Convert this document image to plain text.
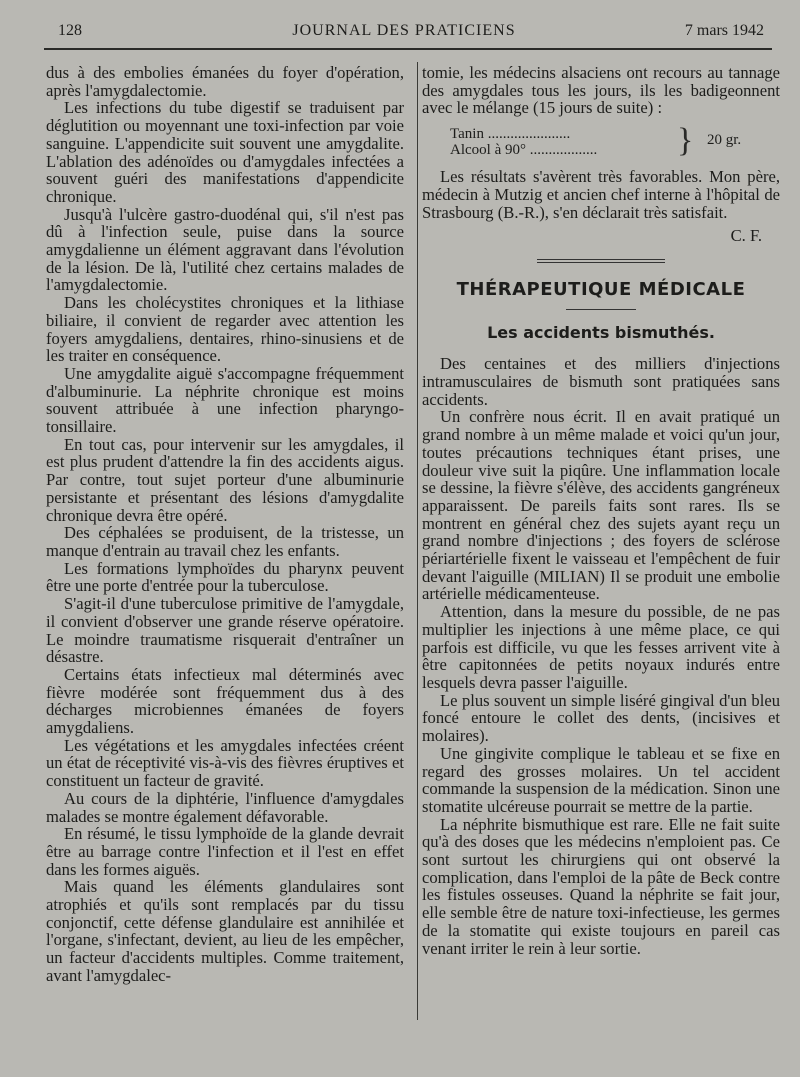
128	JOURNAL DES PRATICIENS	7 mars 1942

dus à des embolies émanées du foyer d'opération, après l'amygdalectomie.

Les infections du tube digestif se traduisent par déglutition ou moyennant une toxi-infection par voie sanguine. L'appendicite suit souvent une amygdalite. L'ablation des adénoïdes ou d'amygdales infectées a souvent guéri des manifestations d'appendicite chronique.

Jusqu'à l'ulcère gastro-duodénal qui, s'il n'est pas dû à l'infection seule, puise dans la source amygdalienne un élément aggravant dans l'évolution de la lésion. De là, l'utilité chez certains malades de l'amygdalectomie.

Dans les cholécystites chroniques et la lithiase biliaire, il convient de regarder avec attention les foyers amygdaliens, dentaires, rhino-sinusiens et de les traiter en conséquence.

Une amygdalite aiguë s'accompagne fréquemment d'albuminurie. La néphrite chronique est moins souvent attribuée à une infection pharyngo-tonsillaire.

En tout cas, pour intervenir sur les amygdales, il est plus prudent d'attendre la fin des accidents aigus. Par contre, tout sujet porteur d'une albuminurie persistante et présentant des lésions d'amygdalite chronique devra être opéré.

Des céphalées se produisent, de la tristesse, un manque d'entrain au travail chez les enfants.

Les formations lymphoïdes du pharynx peuvent être une porte d'entrée pour la tuberculose.

S'agit-il d'une tuberculose primitive de l'amygdale, il convient d'observer une grande réserve opératoire. Le moindre traumatisme risquerait d'entraîner un désastre.

Certains états infectieux mal déterminés avec fièvre modérée sont fréquemment dus à des décharges microbiennes émanées de foyers amygdaliens.

Les végétations et les amygdales infectées créent un état de réceptivité vis-à-vis des fièvres éruptives et constituent un facteur de gravité.

Au cours de la diphtérie, l'influence d'amygdales malades se montre également défavorable.

En résumé, le tissu lymphoïde de la glande devrait être au barrage contre l'infection et il l'est en effet dans les formes aiguës.

Mais quand les éléments glandulaires sont atrophiés et qu'ils sont remplacés par du tissu conjonctif, cette défense glandulaire est annihilée et l'organe, s'infectant, devient, au lieu de les empêcher, un facteur d'accidents multiples. Comme traitement, avant l'amygdalec-

tomie, les médecins alsaciens ont recours au tannage des amygdales tous les jours, ils les badigeonnent avec le mélange (15 jours de suite) :

Tanin ......................
Alcool à 90° .................. } 20 gr.

Les résultats s'avèrent très favorables. Mon père, médecin à Mutzig et ancien chef interne à l'hôpital de Strasbourg (B.-R.), s'en déclarait très satisfait.

C. F.
THÉRAPEUTIQUE MÉDICALE
Les accidents bismuthés.

Des centaines et des milliers d'injections intramusculaires de bismuth sont pratiquées sans accidents.

Un confrère nous écrit. Il en avait pratiqué un grand nombre à un même malade et voici qu'un jour, toutes précautions techniques étant prises, une douleur vive suit la piqûre. Une inflammation locale se dessine, la fièvre s'élève, des accidents gangréneux apparaissent. De pareils faits sont rares. Ils se montrent en général chez des sujets ayant reçu un grand nombre d'injections ; des foyers de sclérose périartérielle fixent le vaisseau et l'empêchent de fuir devant l'aiguille (MILIAN) Il se produit une embolie artérielle médicamenteuse.

Attention, dans la mesure du possible, de ne pas multiplier les injections à une même place, ce qui parfois est difficile, vu que les fesses arrivent vite à être capitonnées de petits noyaux indurés entre lesquels devra passer l'aiguille.

Le plus souvent un simple liséré gingival d'un bleu foncé entoure le collet des dents, (incisives et molaires).

Une gingivite complique le tableau et se fixe en regard des grosses molaires. Un tel accident commande la suspension de la médication. Sinon une stomatite ulcéreuse pourrait se mettre de la partie.

La néphrite bismuthique est rare. Elle ne fait suite qu'à des doses que les médecins n'emploient pas. Ce sont surtout les chirurgiens qui ont observé la complication, dans l'emploi de la pâte de Beck contre les fistules osseuses. Quand la néphrite se fait jour, elle semble être de nature toxi-infectieuse, les germes de la stomatite qui existe toujours en pareil cas venant irriter le rein à leur sortie.
